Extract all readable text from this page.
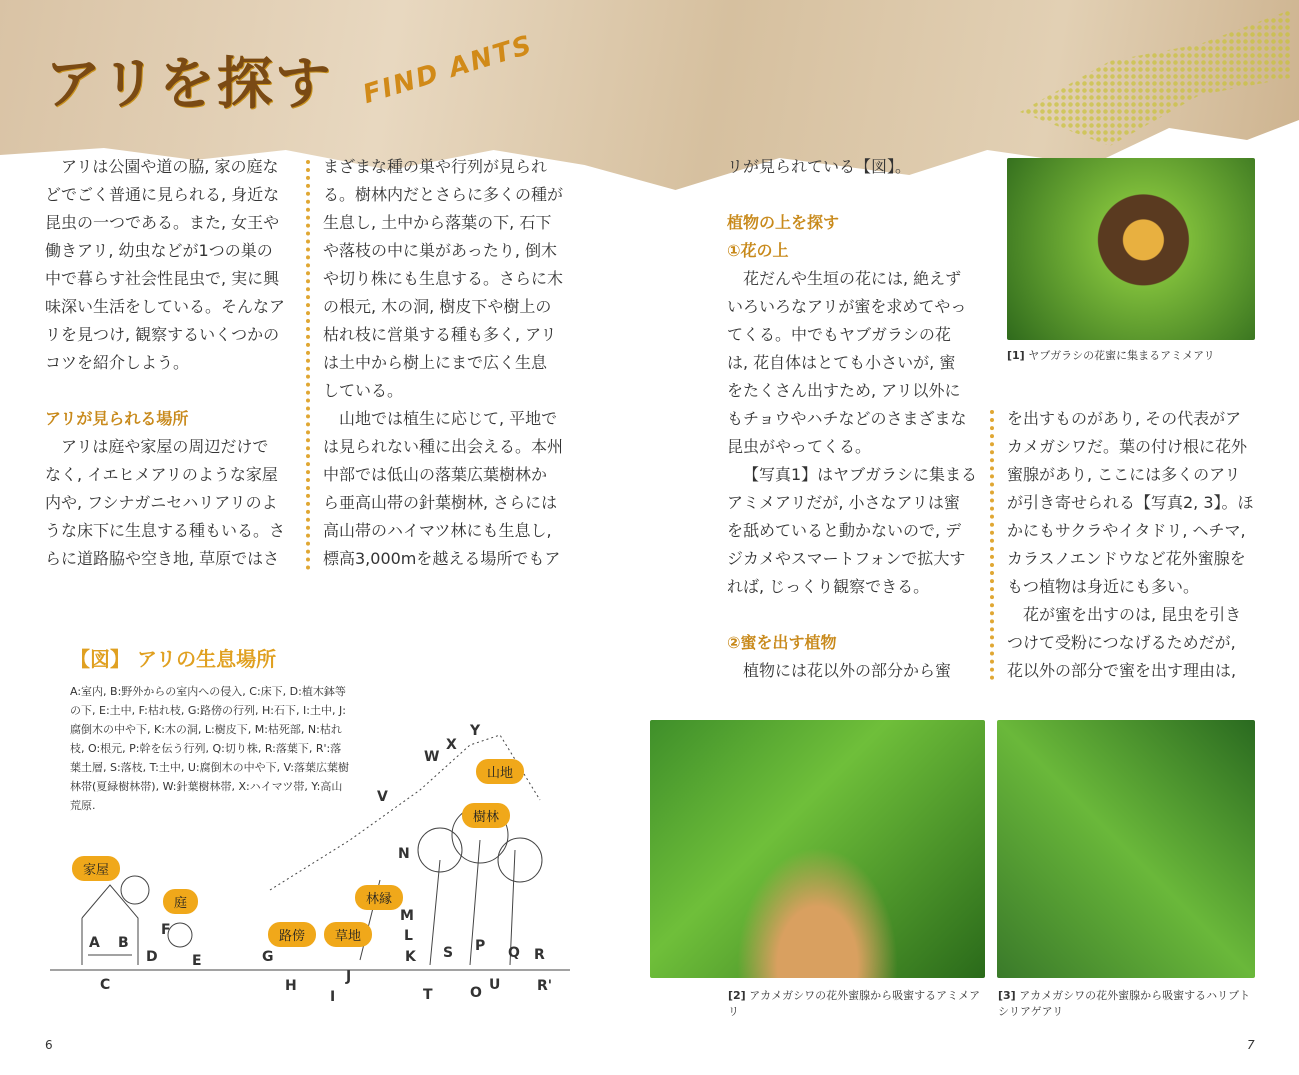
アリを探す FIND ANTS
アリは公園や道の脇, 家の庭な
どでごく普通に見られる, 身近な
昆虫の一つである。また, 女王や
働きアリ, 幼虫などが1つの巣の
中で暮らす社会性昆虫で, 実に興
味深い生活をしている。そんなア
リを見つけ, 観察するいくつかの
コツを紹介しよう。
アリが見られる場所
アリは庭や家屋の周辺だけで
なく, イエヒメアリのような家屋
内や, フシナガニセハリアリのよ
うな床下に生息する種もいる。さ
らに道路脇や空き地, 草原ではさ
まざまな種の巣や行列が見られ
る。樹林内だとさらに多くの種が
生息し, 土中から落葉の下, 石下
や落枝の中に巣があったり, 倒木
や切り株にも生息する。さらに木
の根元, 木の洞, 樹皮下や樹上の
枯れ枝に営巣する種も多く, アリ
は土中から樹上にまで広く生息
している。
山地では植生に応じて, 平地で
は見られない種に出会える。本州
中部では低山の落葉広葉樹林か
ら亜高山帯の針葉樹林, さらには
高山帯のハイマツ林にも生息し,
標高3,000mを越える場所でもア
リが見られている【図】。
植物の上を探す
①花の上
花だんや生垣の花には, 絶えず
いろいろなアリが蜜を求めてやっ
てくる。中でもヤブガラシの花
は, 花自体はとても小さいが, 蜜
をたくさん出すため, アリ以外に
もチョウやハチなどのさまざまな
昆虫がやってくる。
【写真1】はヤブガラシに集まる
アミメアリだが, 小さなアリは蜜
を舐めていると動かないので, デ
ジカメやスマートフォンで拡大す
れば, じっくり観察できる。
②蜜を出す植物
植物には花以外の部分から蜜
を出すものがあり, その代表がア
カメガシワだ。葉の付け根に花外
蜜腺があり, ここには多くのアリ
が引き寄せられる【写真2, 3】。ほ
かにもサクラやイタドリ, ヘチマ,
カラスノエンドウなど花外蜜腺を
もつ植物は身近にも多い。
花が蜜を出すのは, 昆虫を引き
つけて受粉につなげるためだが,
花以外の部分で蜜を出す理由は,
[1] ヤブガラシの花蜜に集まるアミメアリ
[2] アカメガシワの花外蜜腺から吸蜜するアミメアリ
[3] アカメガシワの花外蜜腺から吸蜜するハリブトシリアゲアリ
【図】 アリの生息場所
A:室内, B:野外からの室内への侵入, C:床下, D:植木鉢等の下, E:土中, F:枯れ枝, G:路傍の行列, H:石下, I:土中, J:腐倒木の中や下, K:木の洞, L:樹皮下, M:枯死部, N:枯れ枝, O:根元, P:幹を伝う行列, Q:切り株, R:落葉下, R':落葉土層, S:落枝, T:土中, U:腐倒木の中や下, V:落葉広葉樹林帯(夏緑樹林帯), W:針葉樹林帯, X:ハイマツ帯, Y:高山荒原.
家屋
庭
路傍	草地
林縁
樹林
山地
A B
C
D E
F
G
H
I
J
K
L
M
N
O
P Q R
R'
S
T
U
V
W
X
Y
6	7
